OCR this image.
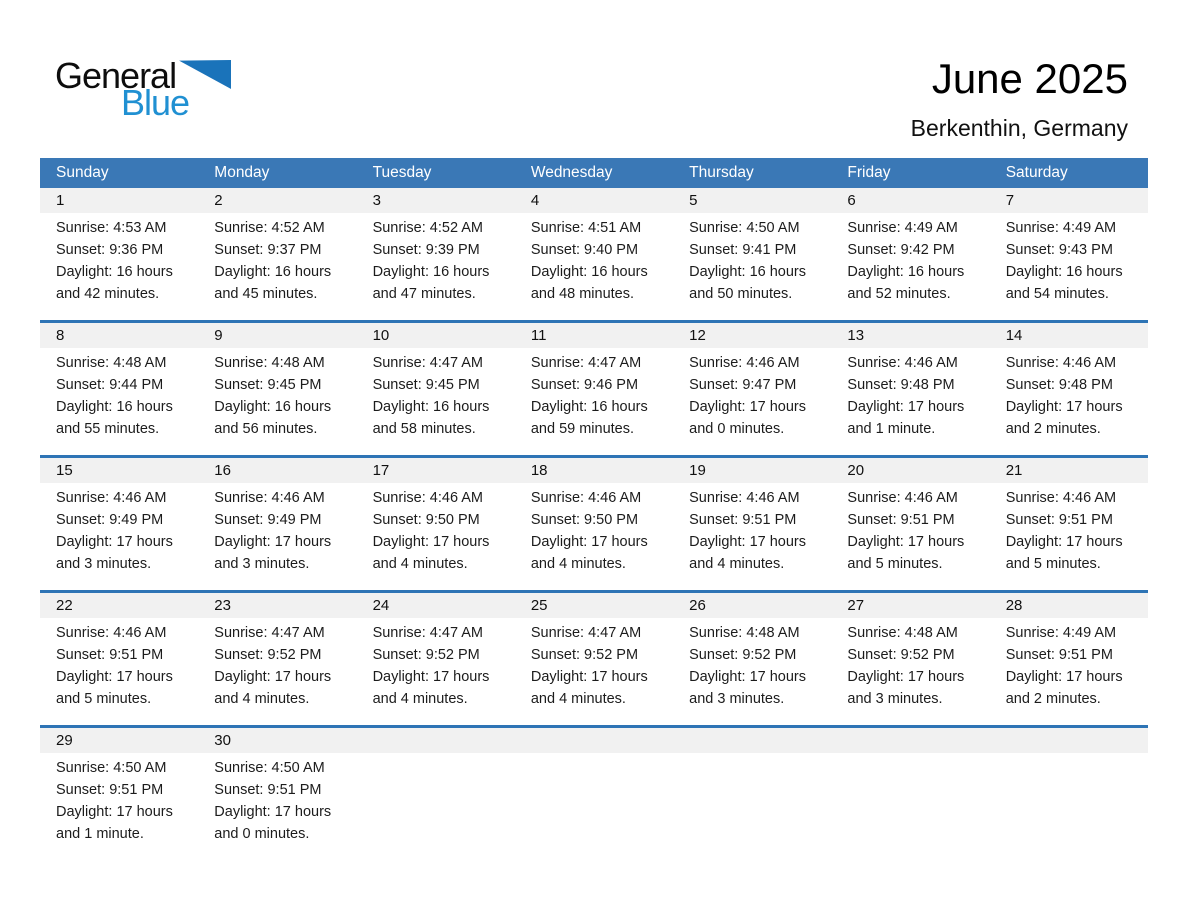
General
Blue
June 2025
Berkenthin, Germany
Sunday	Monday	Tuesday	Wednesday	Thursday	Friday	Saturday
1	2	3	4	5	6	7
Sunrise: 4:53 AM
Sunset: 9:36 PM
Daylight: 16 hours
and 42 minutes.
Sunrise: 4:52 AM
Sunset: 9:37 PM
Daylight: 16 hours
and 45 minutes.
Sunrise: 4:52 AM
Sunset: 9:39 PM
Daylight: 16 hours
and 47 minutes.
Sunrise: 4:51 AM
Sunset: 9:40 PM
Daylight: 16 hours
and 48 minutes.
Sunrise: 4:50 AM
Sunset: 9:41 PM
Daylight: 16 hours
and 50 minutes.
Sunrise: 4:49 AM
Sunset: 9:42 PM
Daylight: 16 hours
and 52 minutes.
Sunrise: 4:49 AM
Sunset: 9:43 PM
Daylight: 16 hours
and 54 minutes.
8	9	10	11	12	13	14
Sunrise: 4:48 AM
Sunset: 9:44 PM
Daylight: 16 hours
and 55 minutes.
Sunrise: 4:48 AM
Sunset: 9:45 PM
Daylight: 16 hours
and 56 minutes.
Sunrise: 4:47 AM
Sunset: 9:45 PM
Daylight: 16 hours
and 58 minutes.
Sunrise: 4:47 AM
Sunset: 9:46 PM
Daylight: 16 hours
and 59 minutes.
Sunrise: 4:46 AM
Sunset: 9:47 PM
Daylight: 17 hours
and 0 minutes.
Sunrise: 4:46 AM
Sunset: 9:48 PM
Daylight: 17 hours
and 1 minute.
Sunrise: 4:46 AM
Sunset: 9:48 PM
Daylight: 17 hours
and 2 minutes.
15	16	17	18	19	20	21
Sunrise: 4:46 AM
Sunset: 9:49 PM
Daylight: 17 hours
and 3 minutes.
Sunrise: 4:46 AM
Sunset: 9:49 PM
Daylight: 17 hours
and 3 minutes.
Sunrise: 4:46 AM
Sunset: 9:50 PM
Daylight: 17 hours
and 4 minutes.
Sunrise: 4:46 AM
Sunset: 9:50 PM
Daylight: 17 hours
and 4 minutes.
Sunrise: 4:46 AM
Sunset: 9:51 PM
Daylight: 17 hours
and 4 minutes.
Sunrise: 4:46 AM
Sunset: 9:51 PM
Daylight: 17 hours
and 5 minutes.
Sunrise: 4:46 AM
Sunset: 9:51 PM
Daylight: 17 hours
and 5 minutes.
22	23	24	25	26	27	28
Sunrise: 4:46 AM
Sunset: 9:51 PM
Daylight: 17 hours
and 5 minutes.
Sunrise: 4:47 AM
Sunset: 9:52 PM
Daylight: 17 hours
and 4 minutes.
Sunrise: 4:47 AM
Sunset: 9:52 PM
Daylight: 17 hours
and 4 minutes.
Sunrise: 4:47 AM
Sunset: 9:52 PM
Daylight: 17 hours
and 4 minutes.
Sunrise: 4:48 AM
Sunset: 9:52 PM
Daylight: 17 hours
and 3 minutes.
Sunrise: 4:48 AM
Sunset: 9:52 PM
Daylight: 17 hours
and 3 minutes.
Sunrise: 4:49 AM
Sunset: 9:51 PM
Daylight: 17 hours
and 2 minutes.
29	30
Sunrise: 4:50 AM
Sunset: 9:51 PM
Daylight: 17 hours
and 1 minute.
Sunrise: 4:50 AM
Sunset: 9:51 PM
Daylight: 17 hours
and 0 minutes.
